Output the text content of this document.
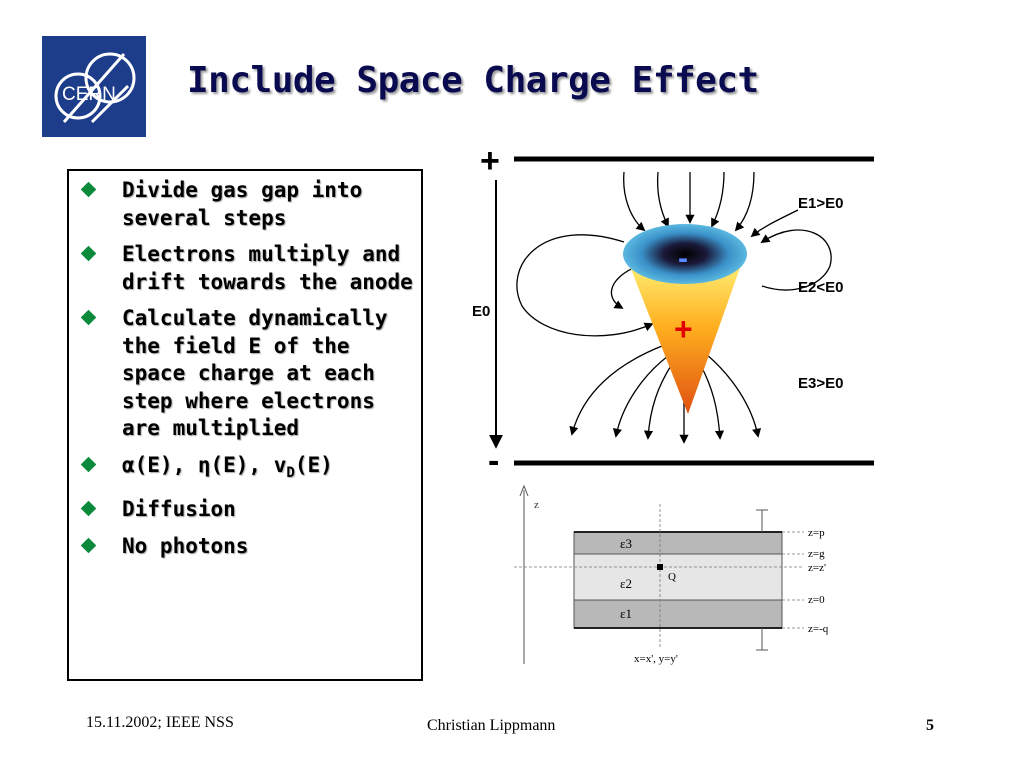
CERN Include Space Charge Effect
Divide gas gap into several steps
Electrons multiply and drift towards the anode
Calculate dynamically the field E of the space charge at each step where electrons are multiplied
α(E), η(E), $v_D(E)$
Diffusion
No photons
+
-
E0
-
+
E1>E0
E2<E0
E3>E0
z
ε3
ε2
ε1
Q
z=p
z=g
z=z'
z=0
z=-q
x=x', y=y'
15.11.2002; IEEE NSS	Christian Lippmann	5
